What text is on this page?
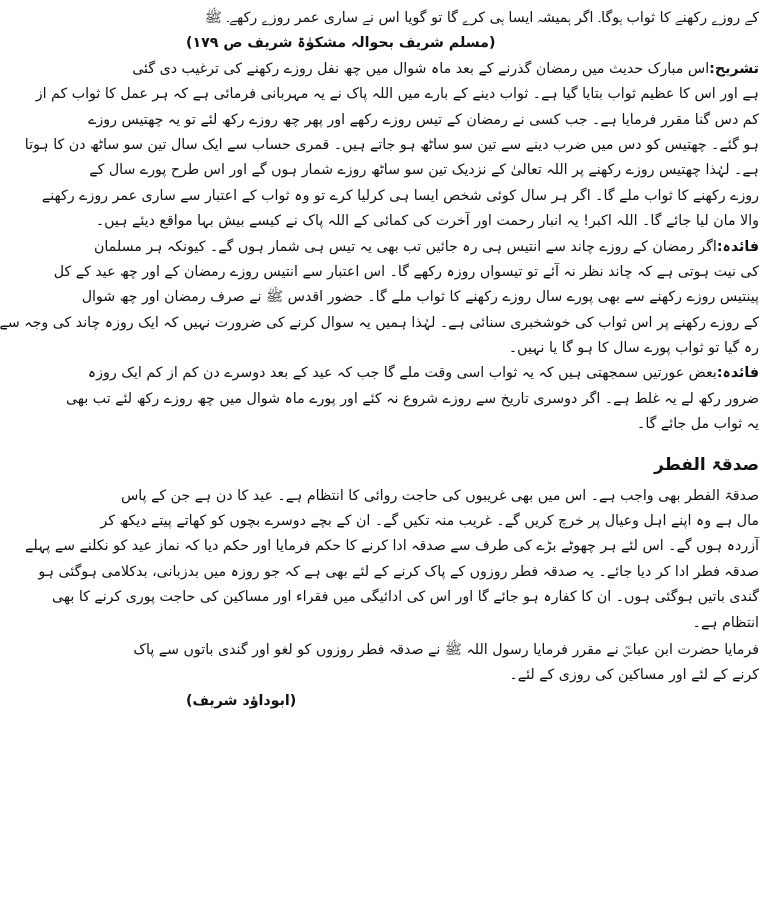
کے روزے رکھنے کا ثواب ہوگا۔ اگر ہمیشہ ایسا ہی کرے گا تو گویا اس نے ساری عمر روزے رکھے۔ ﷺ
(مسلم شریف بحوالہ مشکوٰۃ شریف ص ۱۷۹)
تشریح:اس مبارک حدیث میں رمضان گذرنے کے بعد ماہ شوال میں چھ نفل روزے رکھنے کی ترغیب دی گئی
ہے اور اس کا عظیم ثواب بتایا گیا ہے۔ ثواب دینے کے بارے میں اللہ پاک نے یہ مہربانی فرمائی ہے کہ ہر عمل کا ثواب کم از
کم دس گنا مقرر فرمایا ہے۔ جب کسی نے رمضان کے تیس روزے رکھے اور پھر چھ روزے رکھ لئے تو یہ چھتیس روزے
ہو گئے۔ چھتیس کو دس میں ضرب دینے سے تین سو ساٹھ ہو جاتے ہیں۔ قمری حساب سے ایک سال تین سو ساٹھ دن کا ہوتا
ہے۔ لہٰذا چھتیس روزے رکھنے پر اللہ تعالیٰ کے نزدیک تین سو ساٹھ روزے شمار ہوں گے اور اس طرح پورے سال کے
روزے رکھنے کا ثواب ملے گا۔ اگر ہر سال کوئی شخص ایسا ہی کرلیا کرے تو وہ ثواب کے اعتبار سے ساری عمر روزے رکھنے
والا مان لیا جائے گا۔ اللہ اکبر! یہ انبار رحمت اور آخرت کی کمائی کے اللہ پاک نے کیسے بیش بہا مواقع دیئے ہیں۔
فائدہ:اگر رمضان کے روزے چاند سے انتیس ہی رہ جائیں تب بھی یہ تیس ہی شمار ہوں گے۔ کیونکہ ہر مسلمان
کی نیت ہوتی ہے کہ چاند نظر نہ آئے تو تیسواں روزہ رکھے گا۔ اس اعتبار سے انتیس روزے رمضان کے اور چھ عید کے کل
پینتیس روزے رکھنے سے بھی پورے سال روزے رکھنے کا ثواب ملے گا۔ حضور اقدس ﷺ نے صرف رمضان اور چھ شوال
کے روزے رکھنے پر اس ثواب کی خوشخبری سنائی ہے۔ لہٰذا ہمیں یہ سوال کرنے کی ضرورت نہیں کہ ایک روزہ چاند کی وجہ سے
رہ گیا تو ثواب پورے سال کا ہو گا یا نہیں۔
فائدہ:بعض عورتیں سمجھتی ہیں کہ یہ ثواب اسی وقت ملے گا جب کہ عید کے بعد دوسرے دن کم از کم ایک روزہ
ضرور رکھ لے یہ غلط ہے۔ اگر دوسری تاریخ سے روزے شروع نہ کئے اور پورے ماہ شوال میں چھ روزے رکھ لئے تب بھی
یہ ثواب مل جائے گا۔
صدقۃ الفطر
صدقۃ الفطر بھی واجب ہے۔ اس میں بھی غریبوں کی حاجت روائی کا انتظام ہے۔ عید کا دن ہے جن کے پاس
مال ہے وہ اپنے اہل وعیال پر خرچ کریں گے۔ غریب منہ تکیں گے۔ ان کے بچے دوسرے بچوں کو کھاتے پیتے دیکھ کر
آزردہ ہوں گے۔ اس لئے ہر چھوٹے بڑے کی طرف سے صدقہ ادا کرنے کا حکم فرمایا اور حکم دیا کہ نماز عید کو نکلنے سے پہلے
صدقہ فطر ادا کر دیا جائے۔ یہ صدقہ فطر روزوں کے پاک کرنے کے لئے بھی ہے کہ جو روزہ میں بدزبانی، بدکلامی ہوگئی ہو
گندی باتیں ہوگئی ہوں۔ ان کا کفارہ ہو جائے گا اور اس کی ادائیگی میں فقراء اور مساکین کی حاجت پوری کرنے کا بھی
انتظام ہے۔
فرمایا حضرت ابن عباسؓ نے مقرر فرمایا رسول اللہ ﷺ نے صدقہ فطر روزوں کو لغو اور گندی باتوں سے پاک
کرنے کے لئے اور مساکین کی روزی کے لئے۔
(ابوداؤد شریف)
